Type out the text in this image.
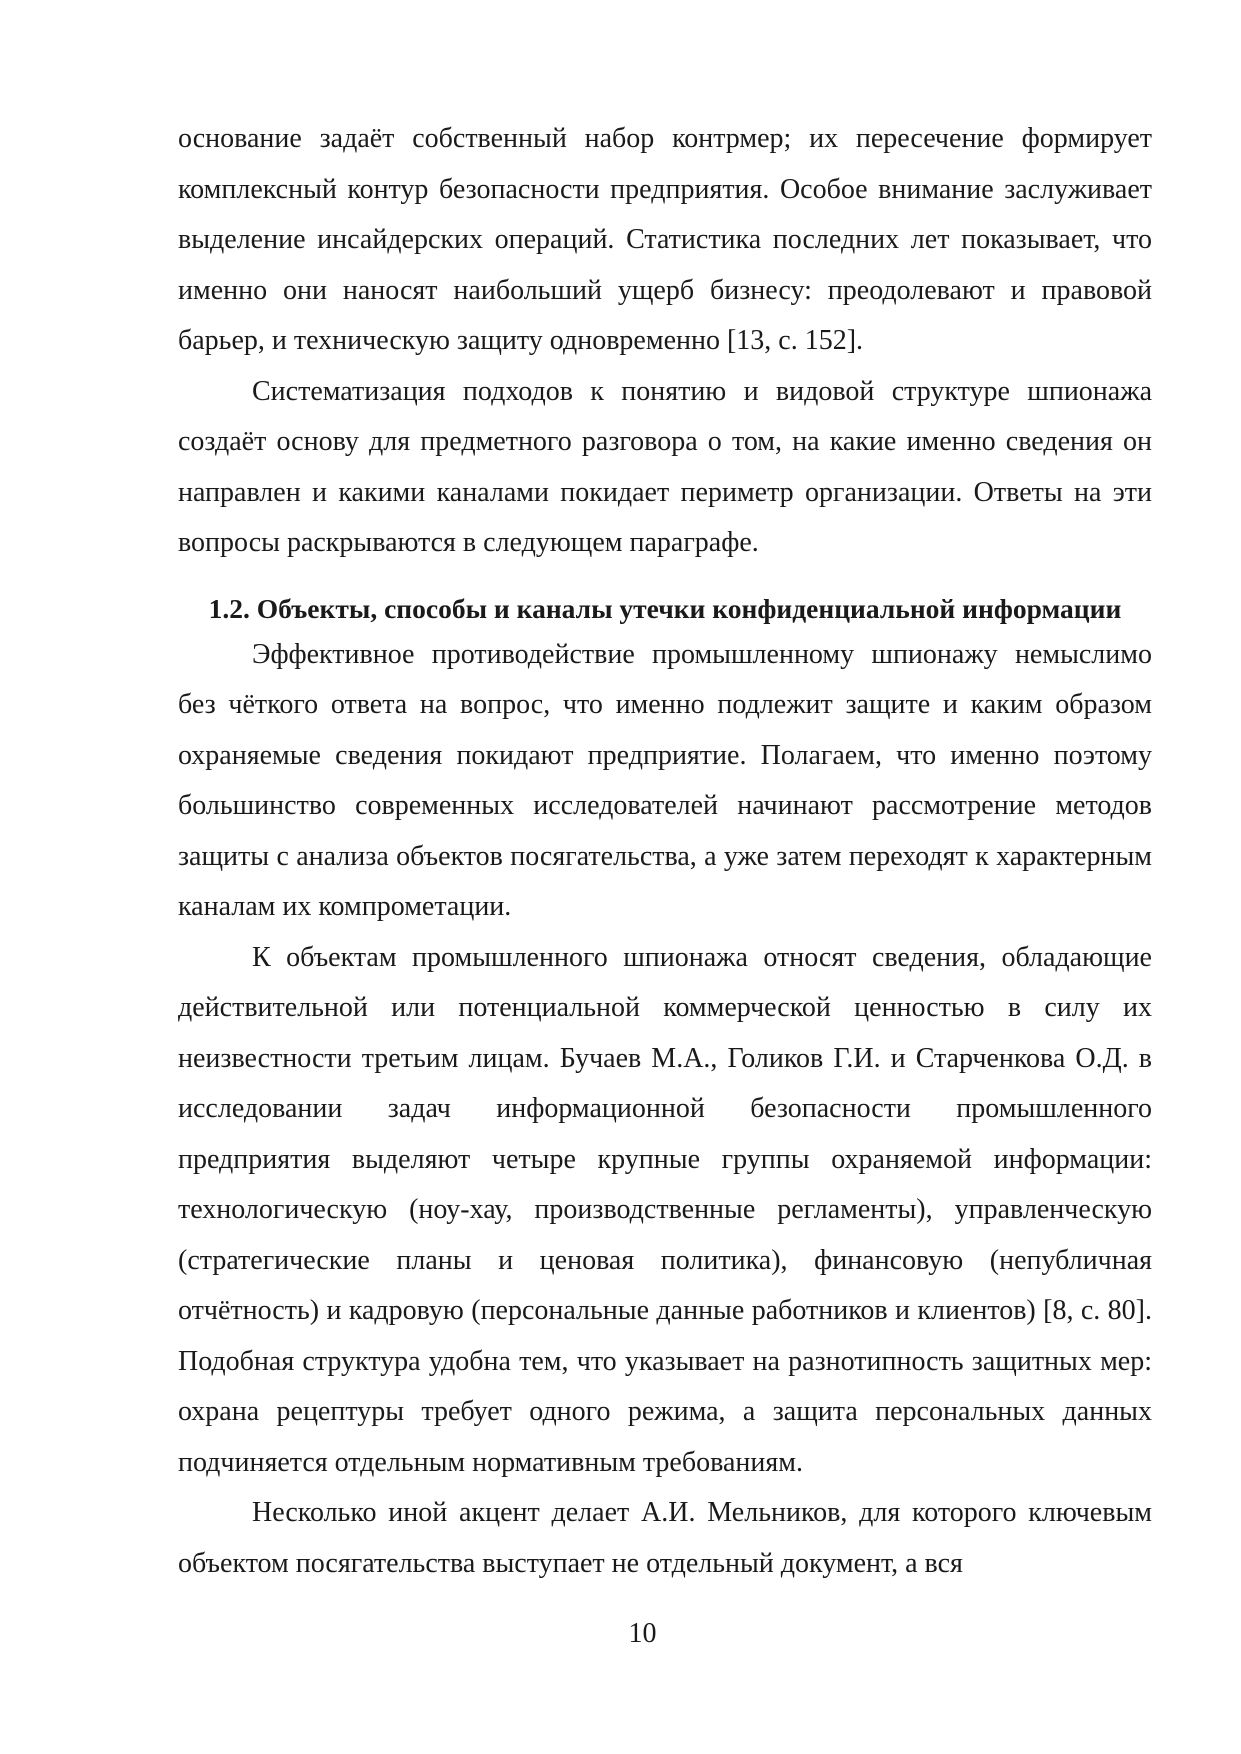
основание задаёт собственный набор контрмер; их пересечение формирует комплексный контур безопасности предприятия. Особое внимание заслуживает выделение инсайдерских операций. Статистика последних лет показывает, что именно они наносят наибольший ущерб бизнесу: преодолевают и правовой барьер, и техническую защиту одновременно [13, с. 152].

Систематизация подходов к понятию и видовой структуре шпионажа создаёт основу для предметного разговора о том, на какие именно сведения он направлен и какими каналами покидает периметр организации. Ответы на эти вопросы раскрываются в следующем параграфе.

1.2. Объекты, способы и каналы утечки конфиденциальной информации

Эффективное противодействие промышленному шпионажу немыслимо без чёткого ответа на вопрос, что именно подлежит защите и каким образом охраняемые сведения покидают предприятие. Полагаем, что именно поэтому большинство современных исследователей начинают рассмотрение методов защиты с анализа объектов посягательства, а уже затем переходят к характерным каналам их компрометации.

К объектам промышленного шпионажа относят сведения, обладающие действительной или потенциальной коммерческой ценностью в силу их неизвестности третьим лицам. Бучаев М.А., Голиков Г.И. и Старченкова О.Д. в исследовании задач информационной безопасности промышленного предприятия выделяют четыре крупные группы охраняемой информации: технологическую (ноу-хау, производственные регламенты), управленческую (стратегические планы и ценовая политика), финансовую (непубличная отчётность) и кадровую (персональные данные работников и клиентов) [8, с. 80]. Подобная структура удобна тем, что указывает на разнотипность защитных мер: охрана рецептуры требует одного режима, а защита персональных данных подчиняется отдельным нормативным требованиям.

Несколько иной акцент делает А.И. Мельников, для которого ключевым объектом посягательства выступает не отдельный документ, а вся

10
